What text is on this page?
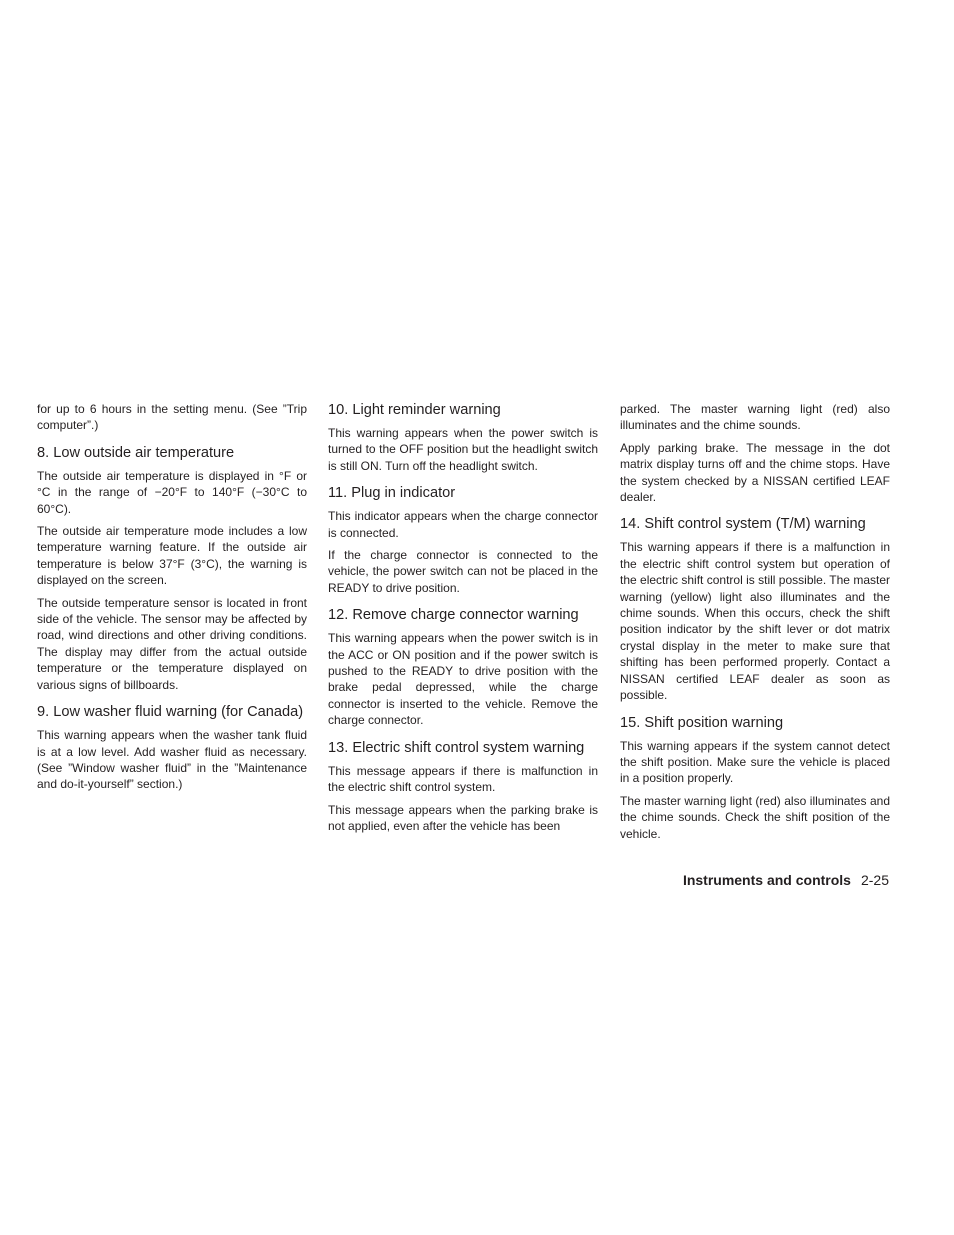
for up to 6 hours in the setting menu. (See ”Trip computer”.)

8. Low outside air temperature

The outside air temperature is displayed in °F or °C in the range of −20°F to 140°F (−30°C to 60°C).

The outside air temperature mode includes a low temperature warning feature. If the outside air temperature is below 37°F (3°C), the warning is displayed on the screen.

The outside temperature sensor is located in front side of the vehicle. The sensor may be affected by road, wind directions and other driving conditions. The display may differ from the actual outside temperature or the temperature displayed on various signs of billboards.

9. Low washer fluid warning (for Canada)

This warning appears when the washer tank fluid is at a low level. Add washer fluid as necessary. (See ”Window washer fluid” in the ”Maintenance and do-it-yourself” section.)

10. Light reminder warning

This warning appears when the power switch is turned to the OFF position but the headlight switch is still ON. Turn off the headlight switch.

11. Plug in indicator

This indicator appears when the charge connector is connected.

If the charge connector is connected to the vehicle, the power switch can not be placed in the READY to drive position.

12. Remove charge connector warning

This warning appears when the power switch is in the ACC or ON position and if the power switch is pushed to the READY to drive position with the brake pedal depressed, while the charge connector is inserted to the vehicle. Remove the charge connector.

13. Electric shift control system warning

This message appears if there is malfunction in the electric shift control system.

This message appears when the parking brake is not applied, even after the vehicle has been

parked. The master warning light (red) also illuminates and the chime sounds.

Apply parking brake. The message in the dot matrix display turns off and the chime stops. Have the system checked by a NISSAN certified LEAF dealer.

14. Shift control system (T/M) warning

This warning appears if there is a malfunction in the electric shift control system but operation of the electric shift control is still possible. The master warning (yellow) light also illuminates and the chime sounds. When this occurs, check the shift position indicator by the shift lever or dot matrix crystal display in the meter to make sure that shifting has been performed properly. Contact a NISSAN certified LEAF dealer as soon as possible.

15. Shift position warning

This warning appears if the system cannot detect the shift position. Make sure the vehicle is placed in a position properly.

The master warning light (red) also illuminates and the chime sounds. Check the shift position of the vehicle.

Instruments and controls 2-25
